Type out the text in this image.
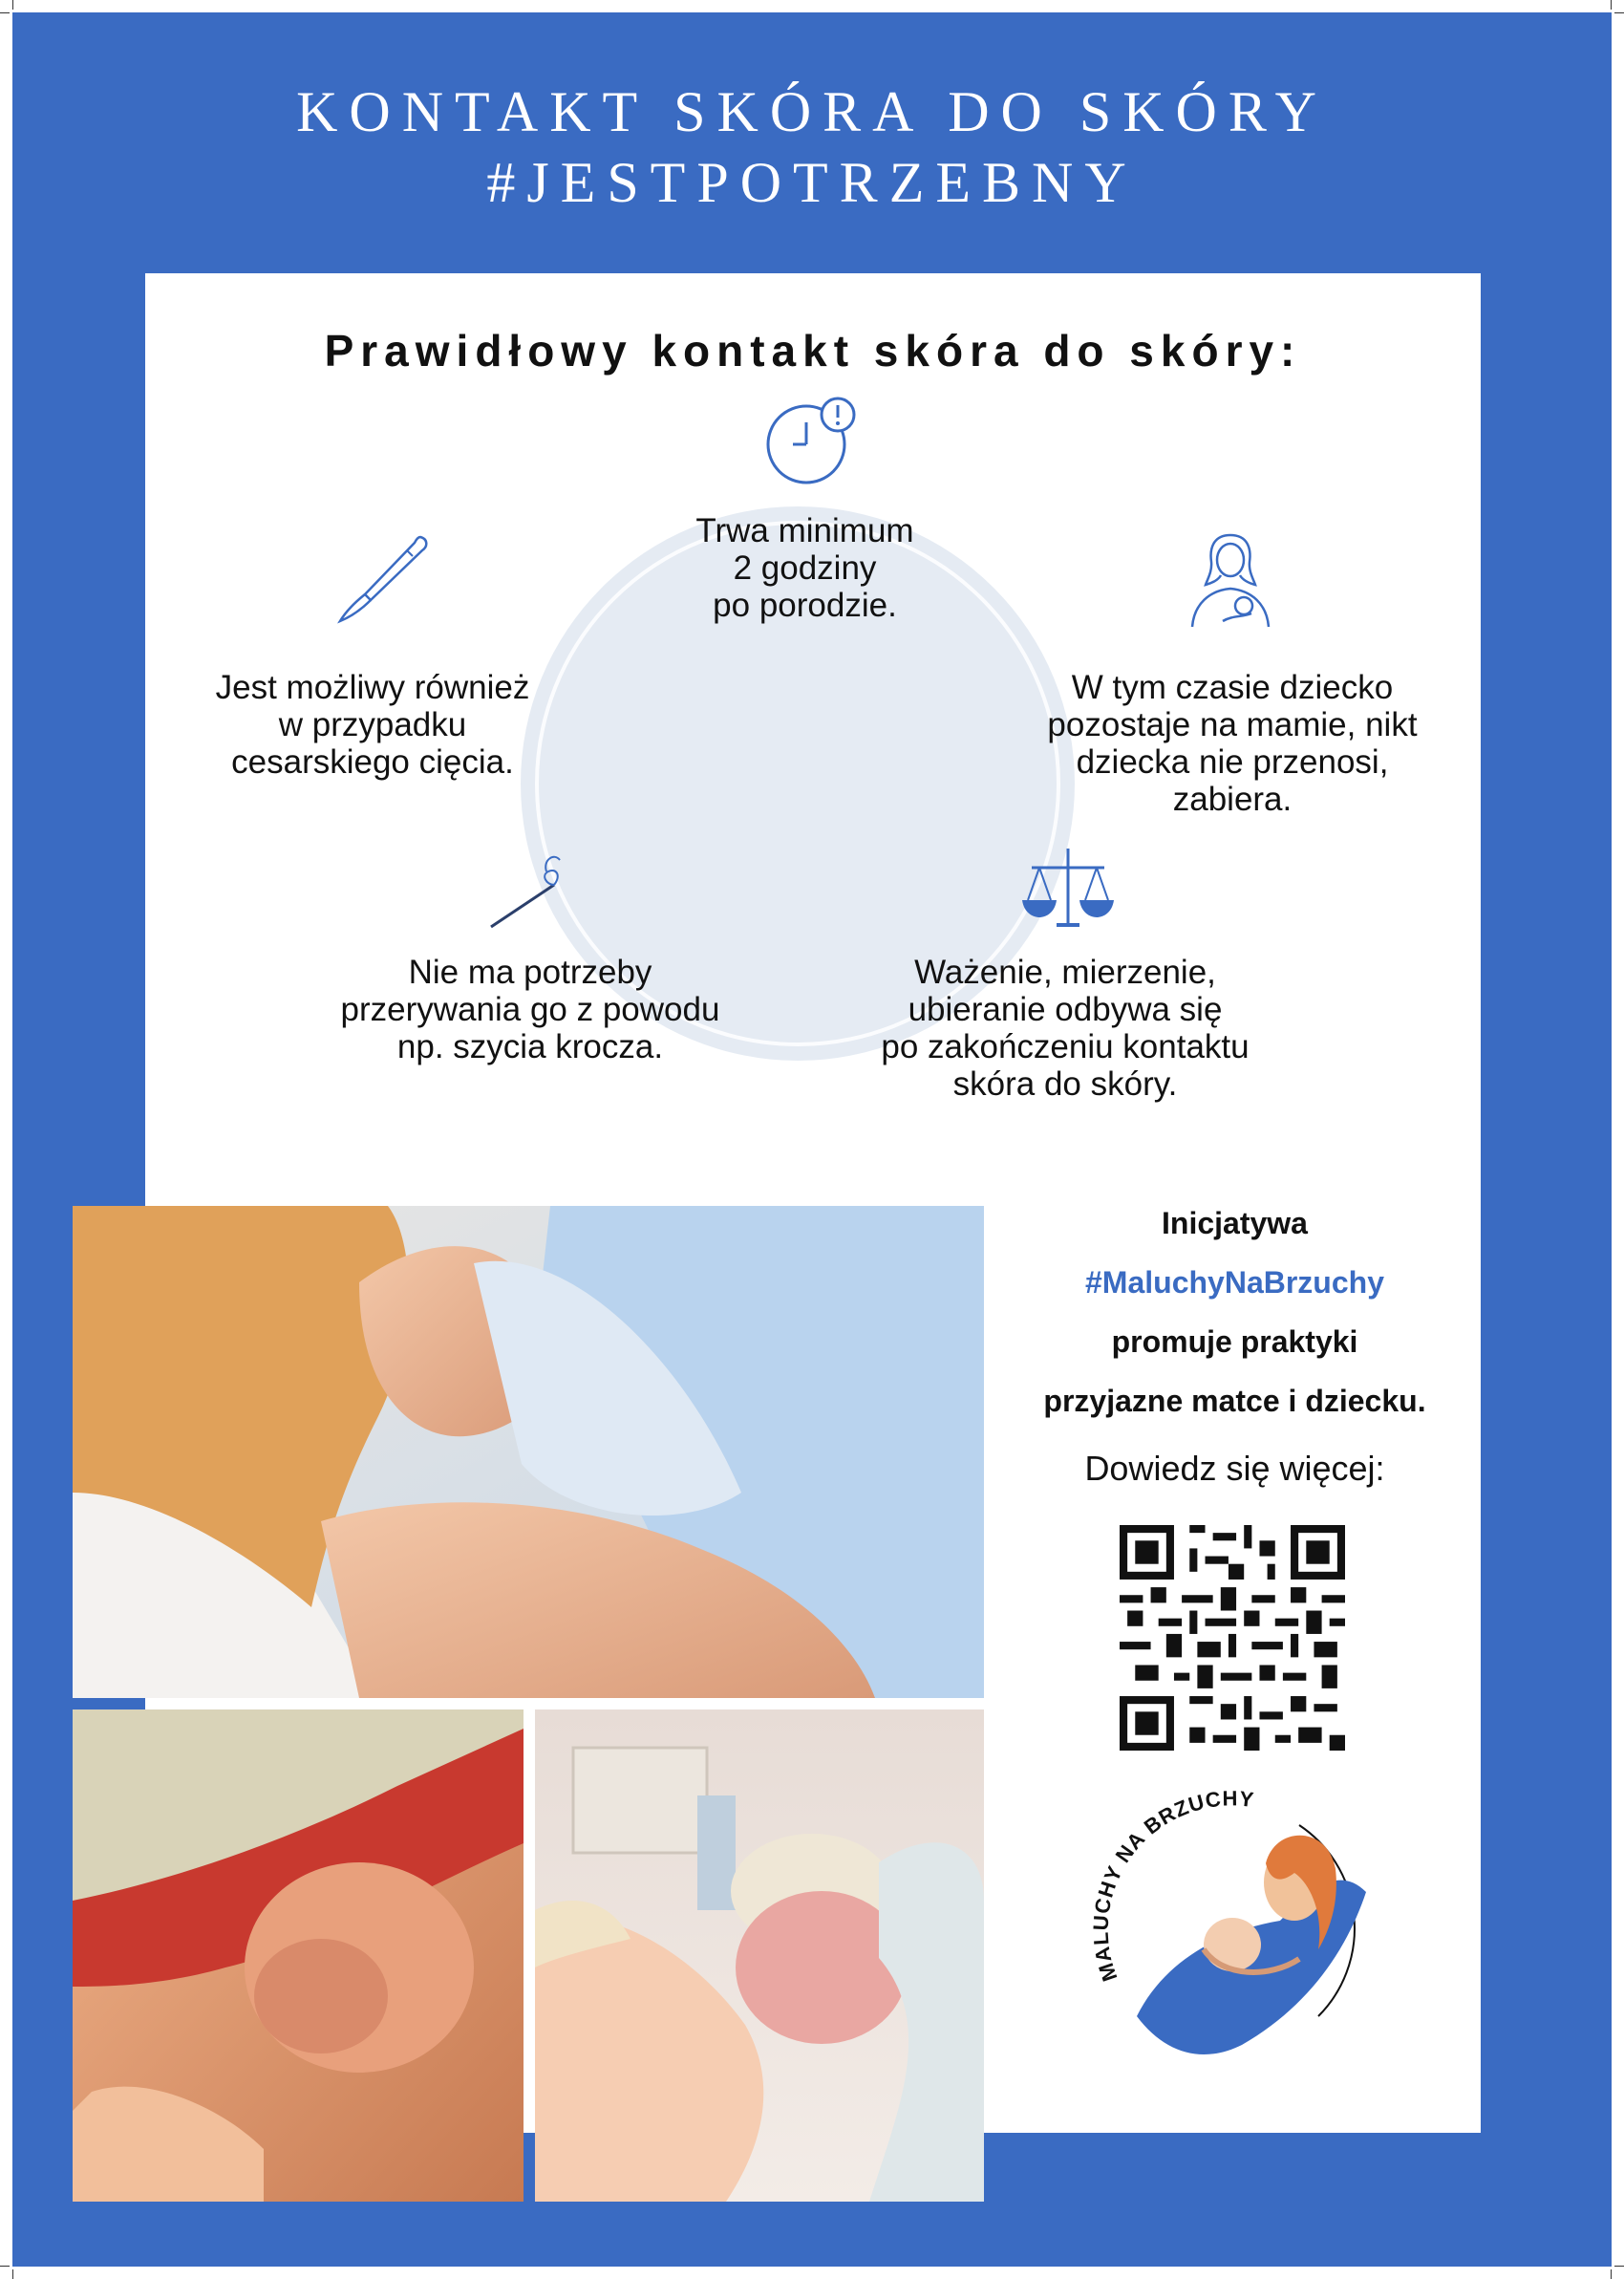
KONTAKT SKÓRA DO SKÓRY
#JESTPOTRZEBNY
Prawidłowy kontakt skóra do skóry:
Trwa minimum
2 godziny
po porodzie.
W tym czasie dziecko
pozostaje na mamie, nikt
dziecka nie przenosi,
zabiera.
Ważenie, mierzenie,
ubieranie odbywa się
po zakończeniu kontaktu
skóra do skóry.
Nie ma potrzeby
przerywania go z powodu
np. szycia krocza.
Jest możliwy również
w przypadku
cesarskiego cięcia.
Inicjatywa
#MaluchyNaBrzuchy
promuje praktyki
przyjazne matce i dziecku.
Dowiedz się więcej:
MALUCHY NA BRZUCHY
